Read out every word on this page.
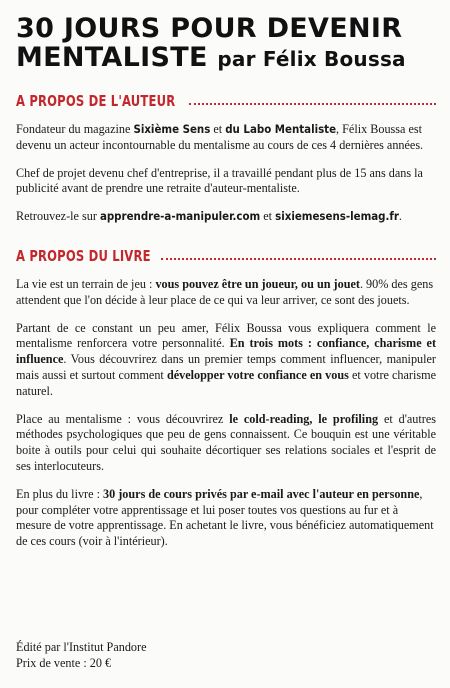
30 JOURS POUR DEVENIR
MENTALISTE par Félix Boussa
A PROPOS DE L'AUTEUR

Fondateur du magazine Sixième Sens et du Labo Mentaliste, Félix Boussa est devenu un acteur incontournable du mentalisme au cours de ces 4 dernières années.

Chef de projet devenu chef d'entreprise, il a travaillé pendant plus de 15 ans dans la publicité avant de prendre une retraite d'auteur-mentaliste.

Retrouvez-le sur apprendre-a-manipuler.com et sixiemesens-lemag.fr.

A PROPOS DU LIVRE

La vie est un terrain de jeu : vous pouvez être un joueur, ou un jouet. 90% des gens attendent que l'on décide à leur place de ce qui va leur arriver, ce sont des jouets.

Partant de ce constant un peu amer, Félix Boussa vous expliquera comment le mentalisme renforcera votre personnalité. En trois mots : confiance, charisme et influence. Vous découvrirez dans un premier temps comment influencer, manipuler mais aussi et surtout comment développer votre confiance en vous et votre charisme naturel.

Place au mentalisme : vous découvrirez le cold-reading, le profiling et d'autres méthodes psychologiques que peu de gens connaissent. Ce bouquin est une véritable boite à outils pour celui qui souhaite décortiquer ses relations sociales et l'esprit de ses interlocuteurs.

En plus du livre : 30 jours de cours privés par e-mail avec l'auteur en personne, pour compléter votre apprentissage et lui poser toutes vos questions au fur et à mesure de votre apprentissage. En achetant le livre, vous bénéficiez automatiquement de ces cours (voir à l'intérieur).

Édité par l'Institut Pandore
Prix de vente : 20 €
